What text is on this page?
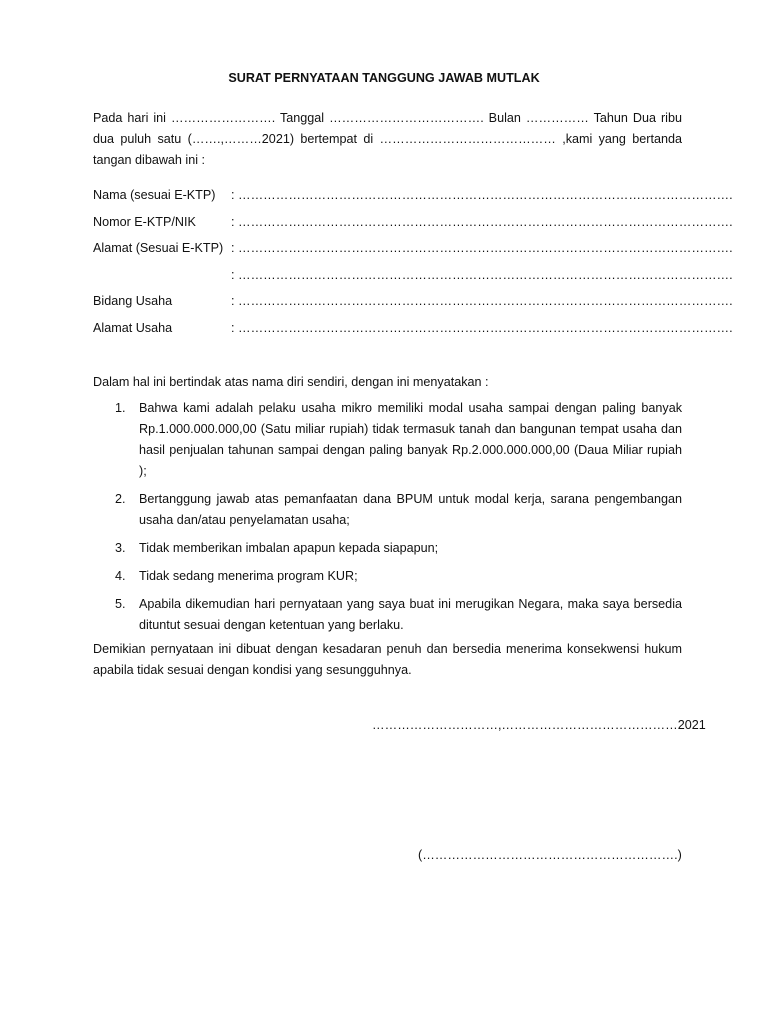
SURAT PERNYATAAN TANGGUNG JAWAB MUTLAK
Pada hari ini ……………………. Tanggal ………………………………. Bulan …………… Tahun Dua ribu dua puluh satu (…….,………2021) bertempat di …………………………………… ,kami yang bertanda tangan dibawah ini :
Nama (sesuai E-KTP) : ……………………………………………………………………………………………………….
Nomor E-KTP/NIK	: ……………………………………………………………………………………………………….
Alamat (Sesuai E-KTP) : ……………………………………………………………………………………………………….
: ……………………………………………………………………………………………………….
Bidang Usaha	: ……………………………………………………………………………………………………….
Alamat Usaha	: ……………………………………………………………………………………………………….
Dalam hal ini bertindak atas nama diri sendiri, dengan ini menyatakan :
1. Bahwa kami adalah pelaku usaha mikro memiliki modal usaha sampai dengan paling banyak Rp.1.000.000.000,00 (Satu miliar rupiah) tidak termasuk tanah dan bangunan tempat usaha dan hasil penjualan tahunan sampai dengan paling banyak Rp.2.000.000.000,00 (Daua Miliar rupiah );
2. Bertanggung jawab atas pemanfaatan dana BPUM untuk modal kerja, sarana pengembangan usaha dan/atau penyelamatan usaha;
3. Tidak memberikan imbalan apapun kepada siapapun;
4. Tidak sedang menerima program KUR;
5. Apabila dikemudian hari pernyataan yang saya buat ini merugikan Negara, maka saya bersedia dituntut sesuai dengan ketentuan yang berlaku.
Demikian pernyataan ini dibuat dengan kesadaran penuh dan bersedia menerima konsekwensi hukum apabila tidak sesuai dengan kondisi yang sesungguhnya.
…………………………,……………………………………2021
(…………………………………………………….)
